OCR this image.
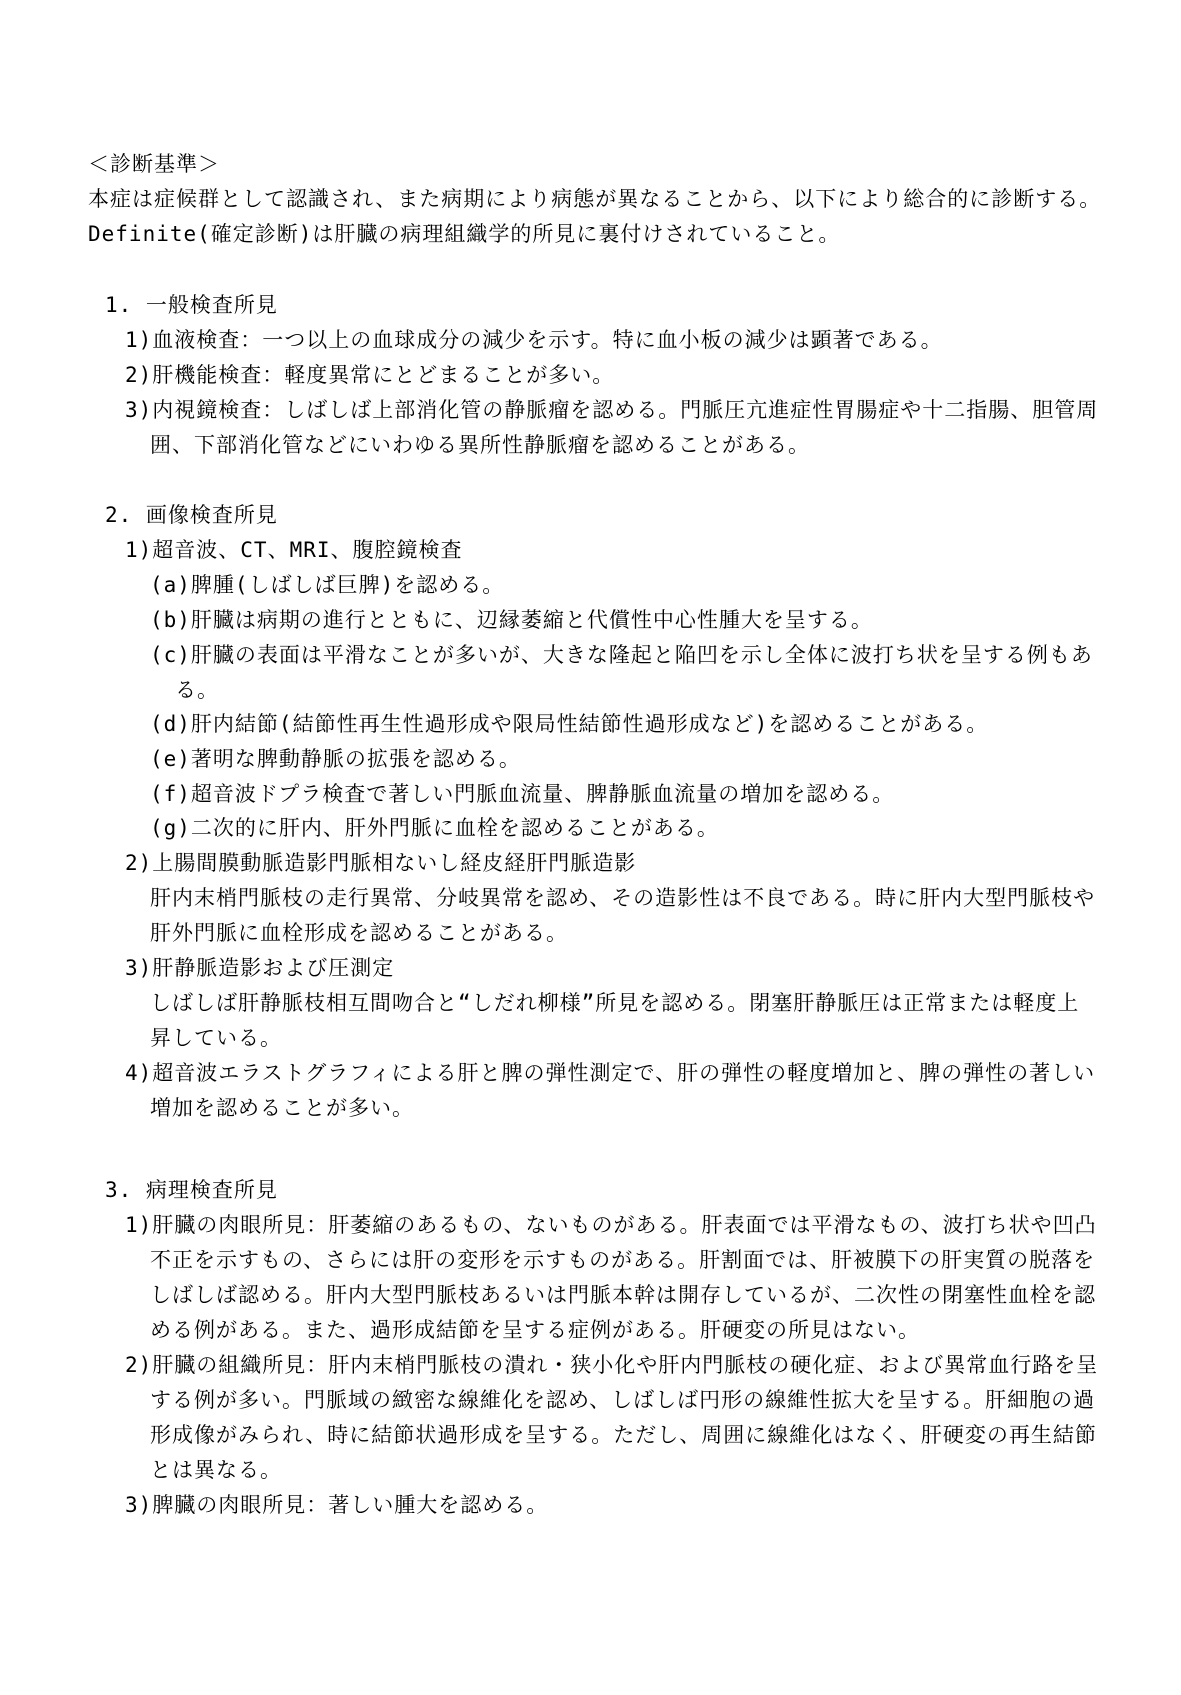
＜診断基準＞
本症は症候群として認識され、また病期により病態が異なることから、以下により総合的に診断する。
Definite(確定診断)は肝臓の病理組織学的所見に裏付けされていること。
1. 一般検査所見
1)血液検査：一つ以上の血球成分の減少を示す。特に血小板の減少は顕著である。
2)肝機能検査：軽度異常にとどまることが多い。
3)内視鏡検査：しばしば上部消化管の静脈瘤を認める。門脈圧亢進症性胃腸症や十二指腸、胆管周
囲、下部消化管などにいわゆる異所性静脈瘤を認めることがある。
2. 画像検査所見
1)超音波、CT、MRI、腹腔鏡検査
(a)脾腫(しばしば巨脾)を認める。
(b)肝臓は病期の進行とともに、辺縁萎縮と代償性中心性腫大を呈する。
(c)肝臓の表面は平滑なことが多いが、大きな隆起と陥凹を示し全体に波打ち状を呈する例もあ
る。
(d)肝内結節(結節性再生性過形成や限局性結節性過形成など)を認めることがある。
(e)著明な脾動静脈の拡張を認める。
(f)超音波ドプラ検査で著しい門脈血流量、脾静脈血流量の増加を認める。
(g)二次的に肝内、肝外門脈に血栓を認めることがある。
2)上腸間膜動脈造影門脈相ないし経皮経肝門脈造影
肝内末梢門脈枝の走行異常、分岐異常を認め、その造影性は不良である。時に肝内大型門脈枝や
肝外門脈に血栓形成を認めることがある。
3)肝静脈造影および圧測定
しばしば肝静脈枝相互間吻合と“しだれ柳様”所見を認める。閉塞肝静脈圧は正常または軽度上
昇している。
4)超音波エラストグラフィによる肝と脾の弾性測定で、肝の弾性の軽度増加と、脾の弾性の著しい
増加を認めることが多い。
3. 病理検査所見
1)肝臓の肉眼所見：肝萎縮のあるもの、ないものがある。肝表面では平滑なもの、波打ち状や凹凸
不正を示すもの、さらには肝の変形を示すものがある。肝割面では、肝被膜下の肝実質の脱落を
しばしば認める。肝内大型門脈枝あるいは門脈本幹は開存しているが、二次性の閉塞性血栓を認
める例がある。また、過形成結節を呈する症例がある。肝硬変の所見はない。
2)肝臓の組織所見：肝内末梢門脈枝の潰れ・狭小化や肝内門脈枝の硬化症、および異常血行路を呈
する例が多い。門脈域の緻密な線維化を認め、しばしば円形の線維性拡大を呈する。肝細胞の過
形成像がみられ、時に結節状過形成を呈する。ただし、周囲に線維化はなく、肝硬変の再生結節
とは異なる。
3)脾臓の肉眼所見：著しい腫大を認める。
